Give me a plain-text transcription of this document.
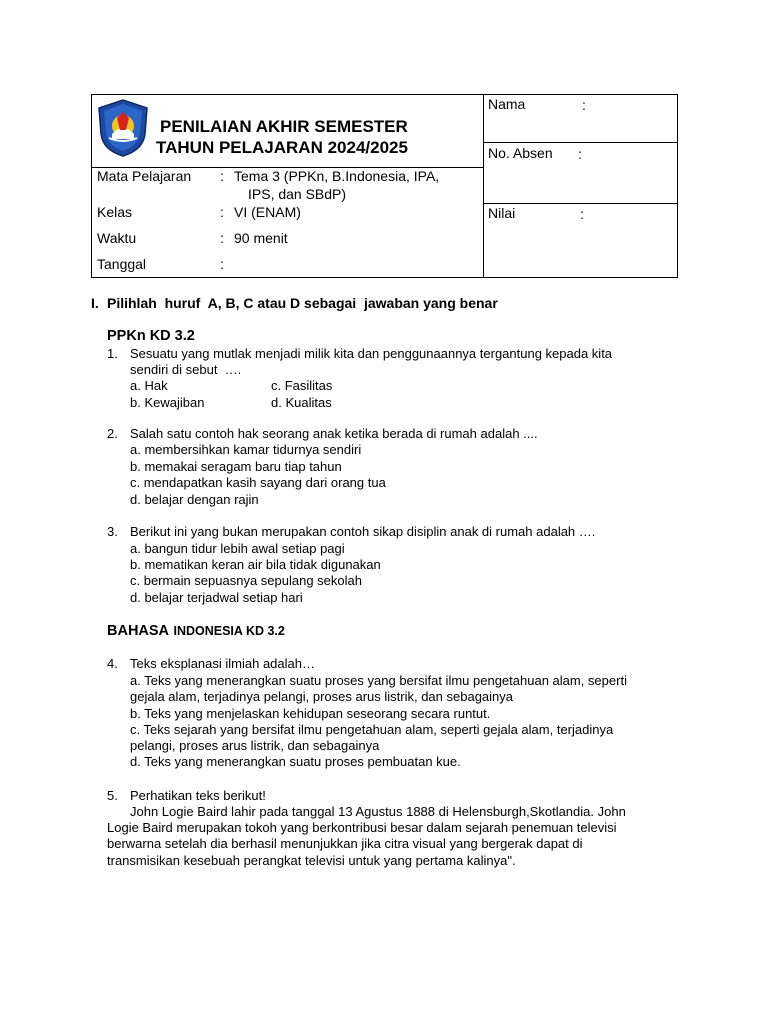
PENILAIAN AKHIR SEMESTER
TAHUN PELAJARAN 2024/2025
Mata Pelajaran : Tema 3 (PPKn, B.Indonesia, IPA,
IPS, dan SBdP)
Kelas	: VI (ENAM)
Waktu	: 90 menit
Tanggal	:
Nama	:
No. Absen :
Nilai	:
I. Pilihlah  huruf  A, B, C atau D sebagai  jawaban yang benar
PPKn KD 3.2
1. Sesuatu yang mutlak menjadi milik kita dan penggunaannya tergantung kepada kita
sendiri di sebut  ….
a. Hak	c. Fasilitas
b. Kewajiban	d. Kualitas
2. Salah satu contoh hak seorang anak ketika berada di rumah adalah ....
a. membersihkan kamar tidurnya sendiri
b. memakai seragam baru tiap tahun
c. mendapatkan kasih sayang dari orang tua
d. belajar dengan rajin
3. Berikut ini yang bukan merupakan contoh sikap disiplin anak di rumah adalah ….
a. bangun tidur lebih awal setiap pagi
b. mematikan keran air bila tidak digunakan
c. bermain sepuasnya sepulang sekolah
d. belajar terjadwal setiap hari
BAHASA INDONESIA KD 3.2
4. Teks eksplanasi ilmiah adalah…
a. Teks yang menerangkan suatu proses yang bersifat ilmu pengetahuan alam, seperti
gejala alam, terjadinya pelangi, proses arus listrik, dan sebagainya
b. Teks yang menjelaskan kehidupan seseorang secara runtut.
c. Teks sejarah yang bersifat ilmu pengetahuan alam, seperti gejala alam, terjadinya
pelangi, proses arus listrik, dan sebagainya
d. Teks yang menerangkan suatu proses pembuatan kue.
5. Perhatikan teks berikut!
John Logie Baird lahir pada tanggal 13 Agustus 1888 di Helensburgh,Skotlandia. John
Logie Baird merupakan tokoh yang berkontribusi besar dalam sejarah penemuan televisi
berwarna setelah dia berhasil menunjukkan jika citra visual yang bergerak dapat di
transmisikan kesebuah perangkat televisi untuk yang pertama kalinya".
